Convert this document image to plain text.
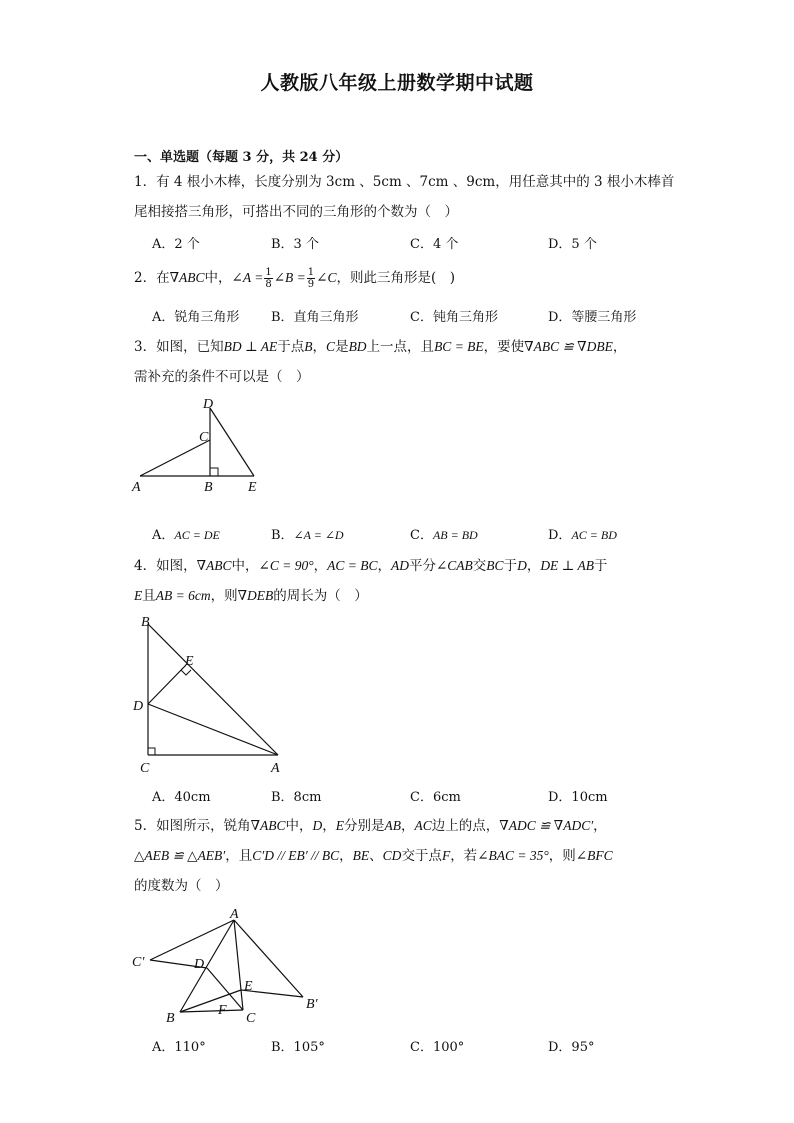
人教版八年级上册数学期中试题
一、单选题（每题 3 分，共 24 分）
1．有 4 根小木棒，长度分别为 3cm 、5cm 、7cm 、9cm，用任意其中的 3 根小木棒首
尾相接搭三角形，可搭出不同的三角形的个数为（　）
A．2 个	B．3 个	C．4 个	D．5 个
2．在∇ABC中，∠A = $\frac{1}{8}$ ∠B = $\frac{1}{9}$ ∠C，则此三角形是(　)
A．锐角三角形 B．直角三角形	C．钝角三角形	D．等腰三角形
3．如图，已知BD ⊥ AE于点B，C是BD上一点，且BC = BE，要使∇ABC ≌ ∇DBE，
需补充的条件不可以是（　）
D
C
A	B	E
A．AC = DE	B．∠A = ∠D	C．AB = BD	D．AC = BD
4．如图，∇ABC中，∠C = 90°，AC = BC，AD平分∠CAB交BC于D，DE ⊥ AB于
E且AB = 6cm，则∇DEB的周长为（　）
B
E
D
C	A
A．40cm	B．8cm	C．6cm	D．10cm
5．如图所示，锐角∇ABC中，D，E分别是AB，AC边上的点，∇ADC ≌ ∇ADC′，
△AEB ≌ △AEB′，且C′D // EB′ // BC，BE、CD交于点F，若∠BAC = 35°，则∠BFC
的度数为（　）
A
C′	D
E
B′
B
F
C
A．110°	B．105°	C．100°	D．95°
